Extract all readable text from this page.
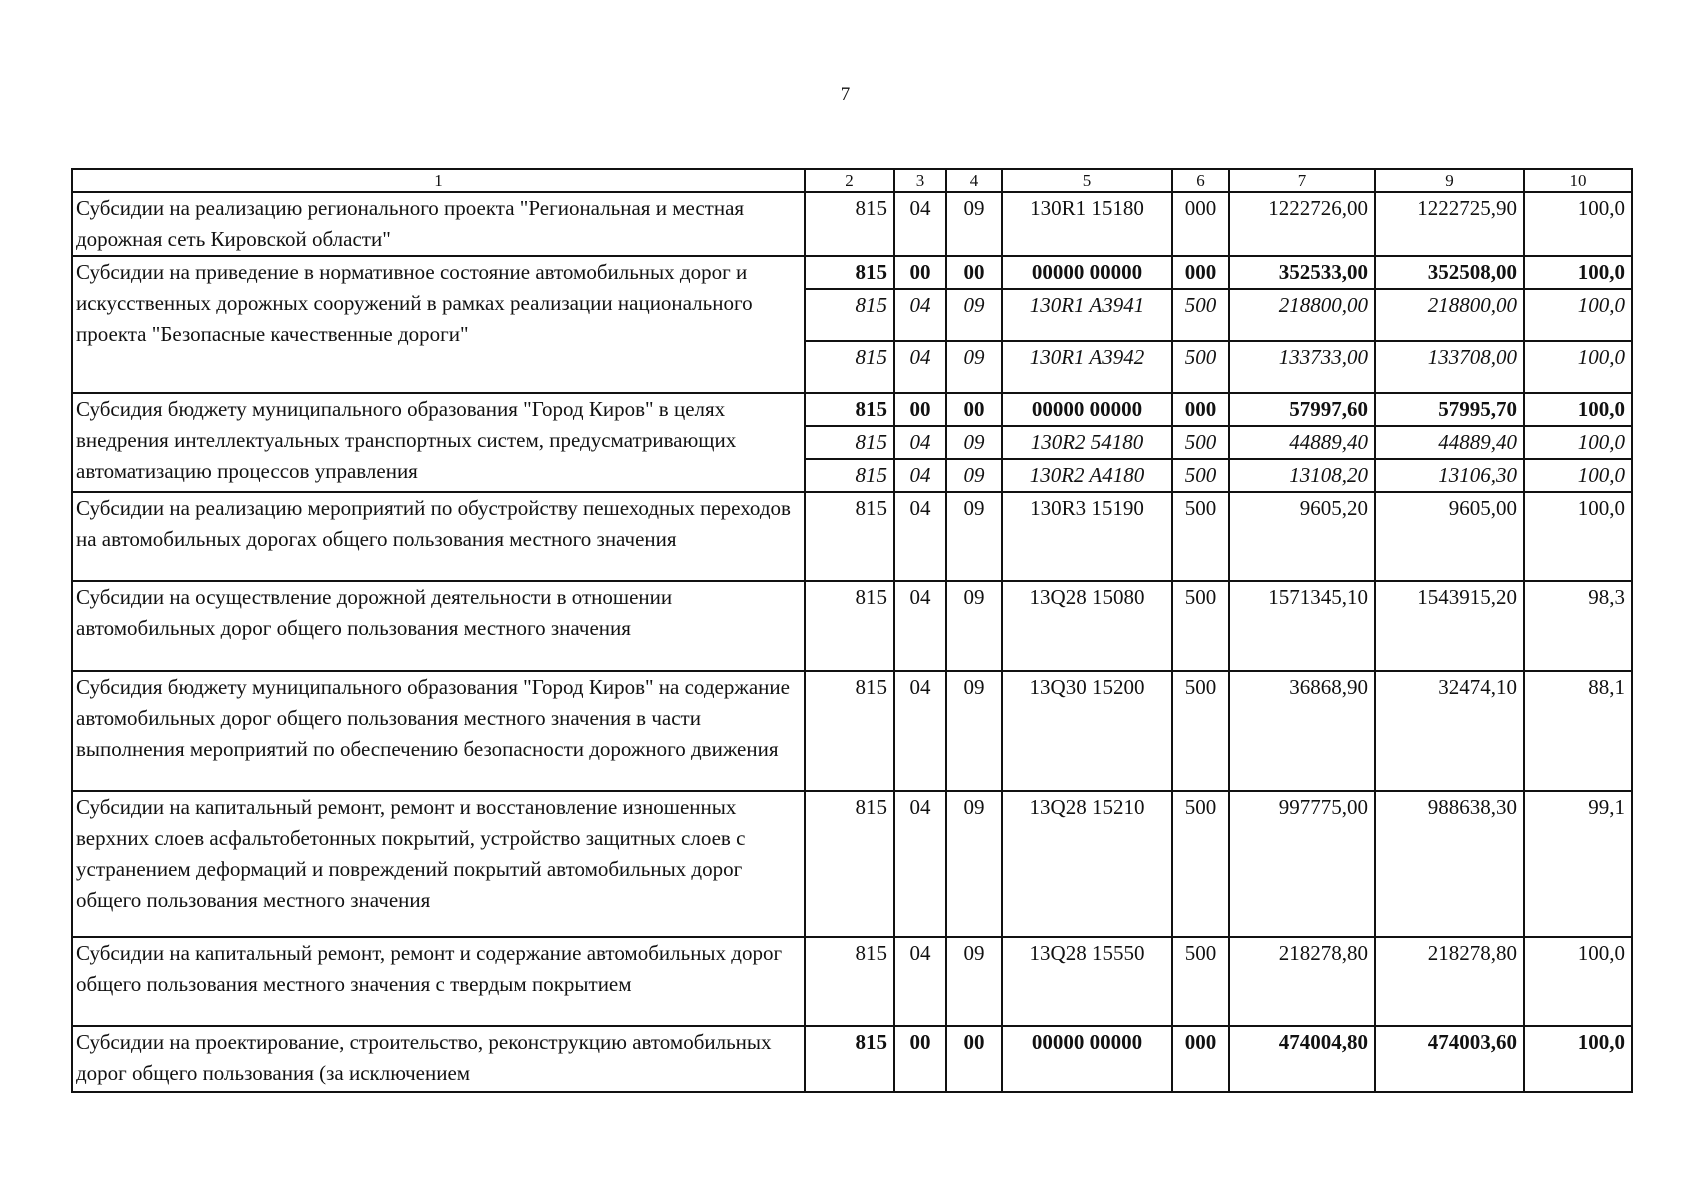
7
1	2	3	4	5	6	7	9	10
Субсидии на реализацию регионального проекта "Региональная и местная дорожная сеть Кировской области"	815	04	09	130R1 15180	000	1222726,00	1222725,90	100,0
Субсидии на приведение в нормативное состояние автомобильных дорог и искусственных дорожных сооружений в рамках реализации национального проекта "Безопасные качественные дороги"	815	00	00	00000 00000	000	352533,00	352508,00	100,0
	815	04	09	130R1 A3941	500	218800,00	218800,00	100,0
	815	04	09	130R1 A3942	500	133733,00	133708,00	100,0
Субсидия бюджету муниципального образования "Город Киров" в целях внедрения интеллектуальных транспортных систем, предусматривающих автоматизацию процессов управления	815	00	00	00000 00000	000	57997,60	57995,70	100,0
	815	04	09	130R2 54180	500	44889,40	44889,40	100,0
	815	04	09	130R2 A4180	500	13108,20	13106,30	100,0
Субсидии на реализацию мероприятий по обустройству пешеходных переходов на автомобильных дорогах общего пользования местного значения	815	04	09	130R3 15190	500	9605,20	9605,00	100,0
Субсидии на осуществление дорожной деятельности в отношении автомобильных дорог общего пользования местного значения	815	04	09	13Q28 15080	500	1571345,10	1543915,20	98,3
Субсидия бюджету муниципального образования "Город Киров" на содержание автомобильных дорог общего пользования местного значения в части выполнения мероприятий по обеспечению безопасности дорожного движения	815	04	09	13Q30 15200	500	36868,90	32474,10	88,1
Субсидии на капитальный ремонт, ремонт и восстановление изношенных верхних слоев асфальтобетонных покрытий, устройство защитных слоев с устранением деформаций и повреждений покрытий автомобильных дорог общего пользования местного значения	815	04	09	13Q28 15210	500	997775,00	988638,30	99,1
Субсидии на капитальный ремонт, ремонт и содержание автомобильных дорог общего пользования местного значения с твердым покрытием	815	04	09	13Q28 15550	500	218278,80	218278,80	100,0
Субсидии на проектирование, строительство, реконструкцию автомобильных дорог общего пользования (за исключением	815	00	00	00000 00000	000	474004,80	474003,60	100,0
